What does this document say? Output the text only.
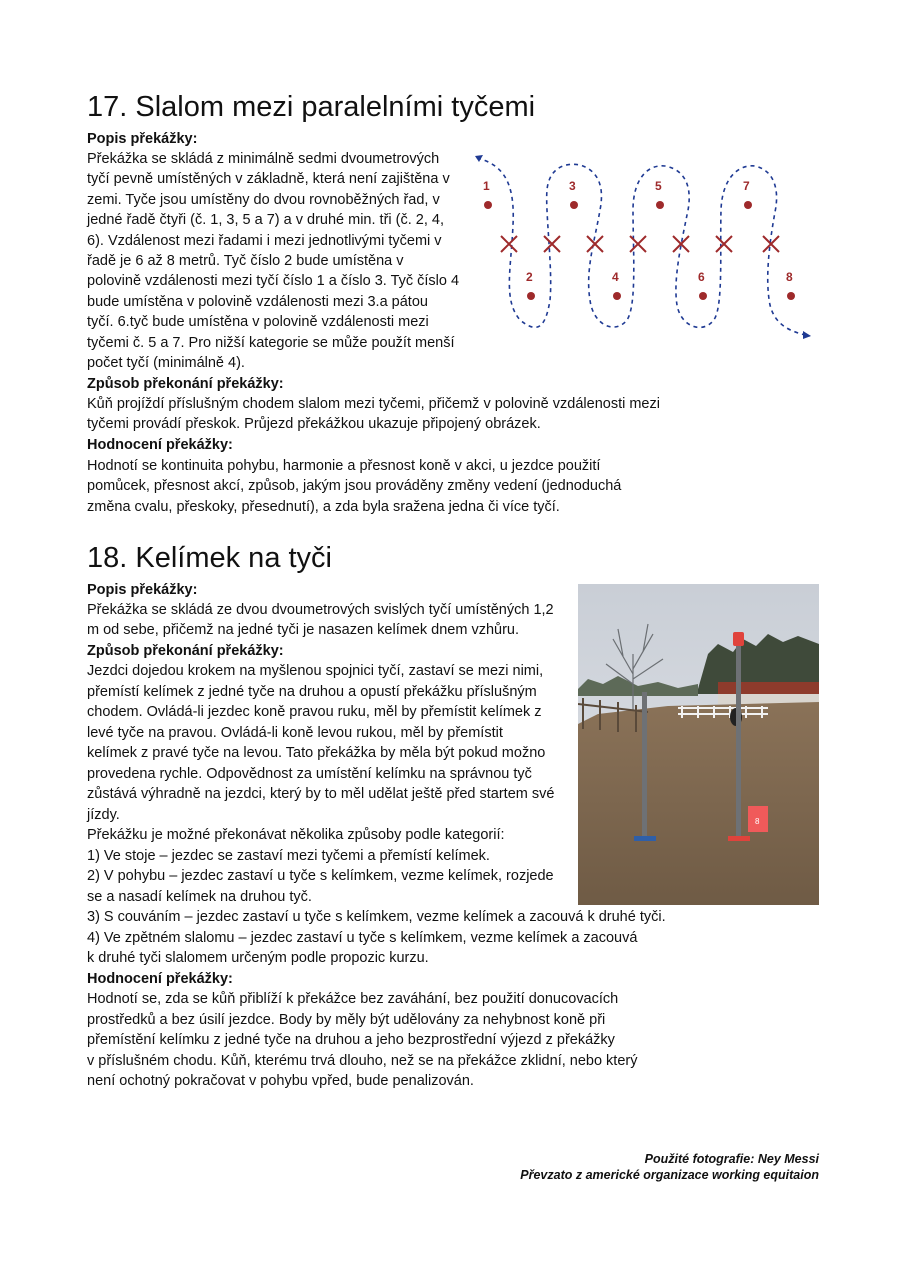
17. Slalom mezi paralelními tyčemi
Popis překážky:
Překážka se skládá z minimálně sedmi dvoumetrových
tyčí pevně umístěných v základně, která není zajištěna v
zemi. Tyče jsou umístěny do dvou rovnoběžných řad, v
jedné řadě čtyři (č. 1, 3, 5 a 7) a v druhé min. tři (č. 2, 4,
6). Vzdálenost mezi řadami i mezi jednotlivými tyčemi v
řadě je 6 až 8 metrů. Tyč číslo 2 bude umístěna v
polovině vzdálenosti mezi tyčí číslo 1 a číslo 3. Tyč číslo 4
bude umístěna v polovině vzdálenosti mezi 3.a pátou
tyčí. 6.tyč bude umístěna v polovině vzdálenosti mezi
tyčemi č. 5 a 7. Pro nižší kategorie se může použít menší
počet tyčí (minimálně 4).
Způsob překonání překážky:
Kůň projíždí příslušným chodem slalom mezi tyčemi, přičemž v polovině vzdálenosti mezi
tyčemi provádí přeskok. Průjezd překážkou ukazuje připojený obrázek.
Hodnocení překážky:
Hodnotí se kontinuita pohybu, harmonie a přesnost koně v akci, u jezdce použití
pomůcek, přesnost akcí, způsob, jakým jsou prováděny změny vedení (jednoduchá
změna cvalu, přeskoky, přesednutí), a zda byla sražena jedna či více tyčí.
1	3	5	7
2	4	6	8
18. Kelímek na tyči
Popis překážky:
Překážka se skládá ze dvou dvoumetrových svislých tyčí umístěných 1,2
m od sebe, přičemž na jedné tyči je nasazen kelímek dnem vzhůru.
Způsob překonání překážky:
Jezdci dojedou krokem na myšlenou spojnici tyčí, zastaví se mezi nimi,
přemístí kelímek z jedné tyče na druhou a opustí překážku příslušným
chodem. Ovládá-li jezdec koně pravou ruku, měl by přemístit kelímek z
levé tyče na pravou. Ovládá-li koně levou rukou, měl by přemístit
kelímek z pravé tyče na levou. Tato překážka by měla být pokud možno
provedena rychle. Odpovědnost za umístění kelímku na správnou tyč
zůstává výhradně na jezdci, který by to měl udělat ještě před startem své
jízdy.
Překážku je možné překonávat několika způsoby podle kategorií:
1) Ve stoje – jezdec se zastaví mezi tyčemi a přemístí kelímek.
2) V pohybu – jezdec zastaví u tyče s kelímkem, vezme kelímek, rozjede
se a nasadí kelímek na druhou tyč.
3) S couváním – jezdec zastaví u tyče s kelímkem, vezme kelímek a zacouvá k druhé tyči.
4) Ve zpětném slalomu – jezdec zastaví u tyče s kelímkem, vezme kelímek a zacouvá
k druhé tyči slalomem určeným podle propozic kurzu.
Hodnocení překážky:
Hodnotí se, zda se kůň přiblíží k překážce bez zaváhání, bez použití donucovacích
prostředků a bez úsilí jezdce. Body by měly být udělovány za nehybnost koně při
přemístění kelímku z jedné tyče na druhou a jeho bezprostřední výjezd z překážky
v příslušném chodu. Kůň, kterému trvá dlouho, než se na překážce zklidní, nebo který
není ochotný pokračovat v pohybu vpřed, bude penalizován.
8
Použité fotografie: Ney Messi
Převzato z americké organizace working equitaion
